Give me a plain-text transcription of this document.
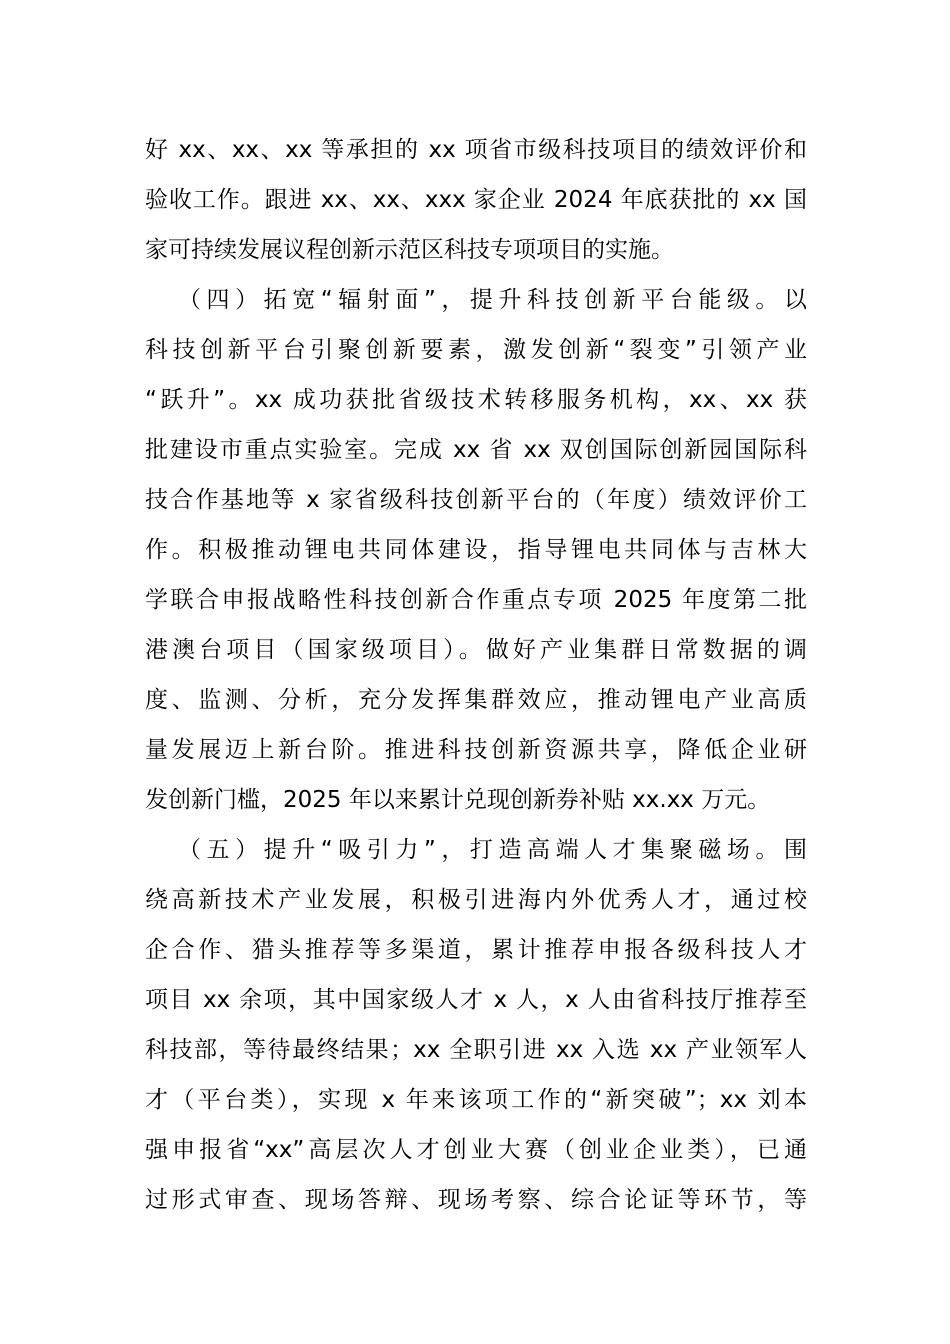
好 xx、xx、xx 等承担的 xx 项省市级科技项目的绩效评价和
验收工作。跟进 xx、xx、xxx 家企业 2024 年底获批的 xx 国
家可持续发展议程创新示范区科技专项项目的实施。
（四）拓宽“辐射面”，提升科技创新平台能级。以
科技创新平台引聚创新要素，激发创新“裂变”引领产业
“跃升”。xx 成功获批省级技术转移服务机构，xx、xx 获
批建设市重点实验室。完成 xx 省 xx 双创国际创新园国际科
技合作基地等 x 家省级科技创新平台的（年度）绩效评价工
作。积极推动锂电共同体建设，指导锂电共同体与吉林大
学联合申报战略性科技创新合作重点专项 2025 年度第二批
港澳台项目（国家级项目）。做好产业集群日常数据的调
度、监测、分析，充分发挥集群效应，推动锂电产业高质
量发展迈上新台阶。推进科技创新资源共享，降低企业研
发创新门槛，2025 年以来累计兑现创新券补贴 xx.xx 万元。
（五）提升“吸引力”，打造高端人才集聚磁场。围
绕高新技术产业发展，积极引进海内外优秀人才，通过校
企合作、猎头推荐等多渠道，累计推荐申报各级科技人才
项目 xx 余项，其中国家级人才 x 人，x 人由省科技厅推荐至
科技部，等待最终结果；xx 全职引进 xx 入选 xx 产业领军人
才（平台类），实现 x 年来该项工作的“新突破”；xx 刘本
强申报省“xx”高层次人才创业大赛（创业企业类），已通
过形式审查、现场答辩、现场考察、综合论证等环节，等
